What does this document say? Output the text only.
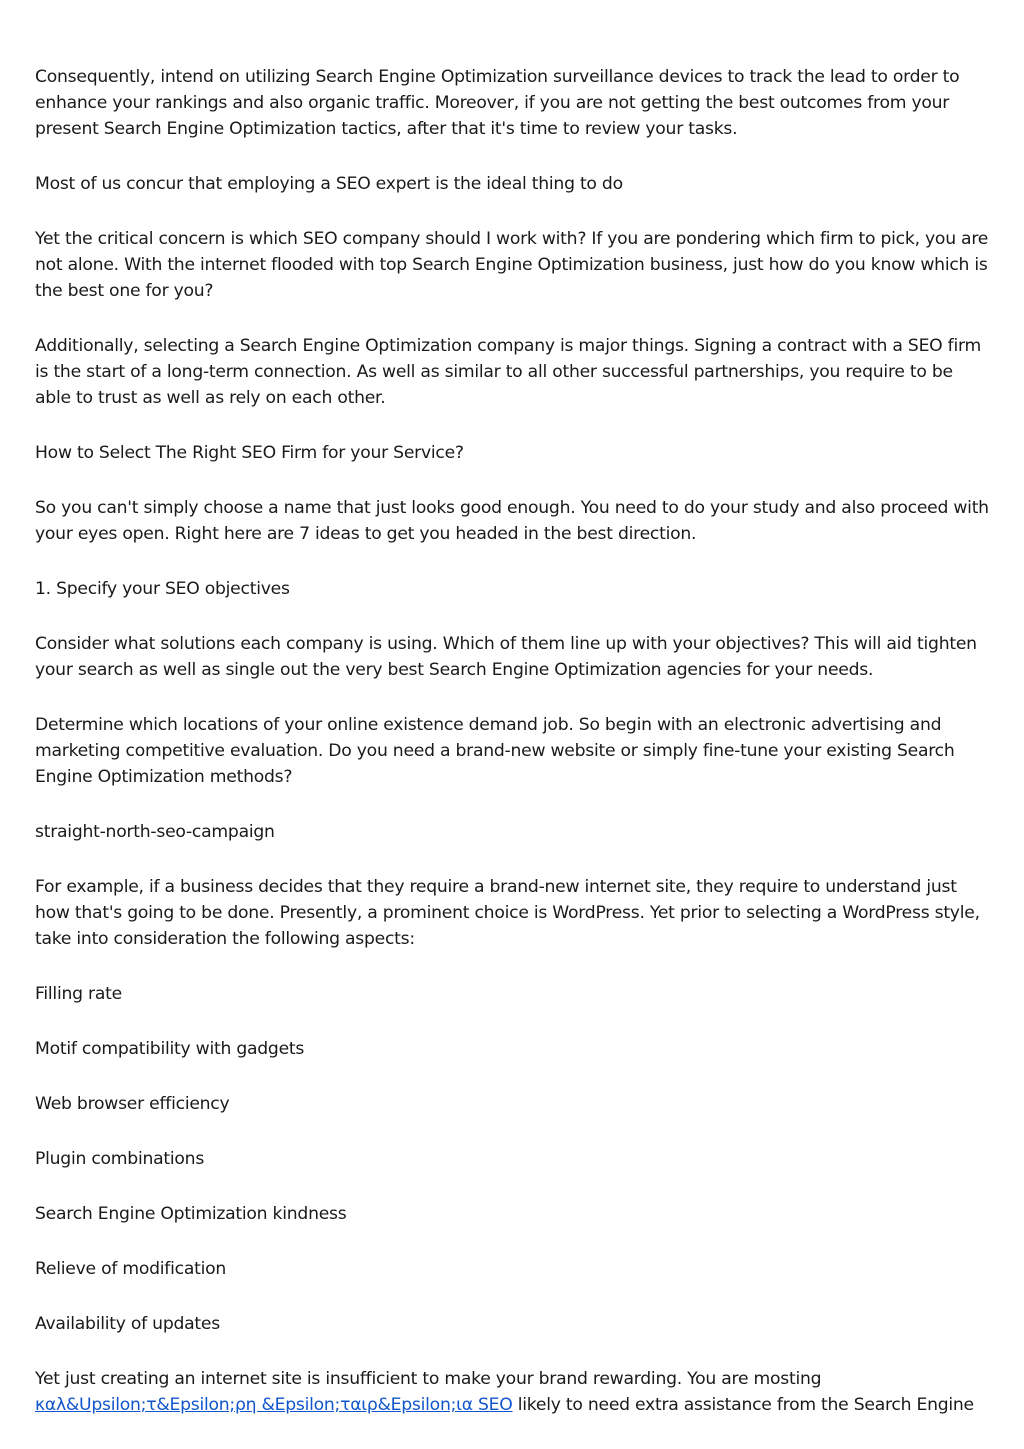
Consequently, intend on utilizing Search Engine Optimization surveillance devices to track the lead to order to enhance your rankings and also organic traffic. Moreover, if you are not getting the best outcomes from your present Search Engine Optimization tactics, after that it's time to review your tasks.

Most of us concur that employing a SEO expert is the ideal thing to do

Yet the critical concern is which SEO company should I work with? If you are pondering which firm to pick, you are not alone. With the internet flooded with top Search Engine Optimization business, just how do you know which is the best one for you?

Additionally, selecting a Search Engine Optimization company is major things. Signing a contract with a SEO firm is the start of a long-term connection. As well as similar to all other successful partnerships, you require to be able to trust as well as rely on each other.

How to Select The Right SEO Firm for your Service?

So you can't simply choose a name that just looks good enough. You need to do your study and also proceed with your eyes open. Right here are 7 ideas to get you headed in the best direction.

1. Specify your SEO objectives

Consider what solutions each company is using. Which of them line up with your objectives? This will aid tighten your search as well as single out the very best Search Engine Optimization agencies for your needs.

Determine which locations of your online existence demand job. So begin with an electronic advertising and marketing competitive evaluation. Do you need a brand-new website or simply fine-tune your existing Search Engine Optimization methods?

straight-north-seo-campaign

For example, if a business decides that they require a brand-new internet site, they require to understand just how that's going to be done. Presently, a prominent choice is WordPress. Yet prior to selecting a WordPress style, take into consideration the following aspects:

Filling rate

Motif compatibility with gadgets

Web browser efficiency

Plugin combinations

Search Engine Optimization kindness

Relieve of modification

Availability of updates

Yet just creating an internet site is insufficient to make your brand rewarding. You are mosting
καλ&Upsilon;τ&Epsilon;ρη &Epsilon;ταιρ&Epsilon;ια SEO likely to need extra assistance from the Search Engine
